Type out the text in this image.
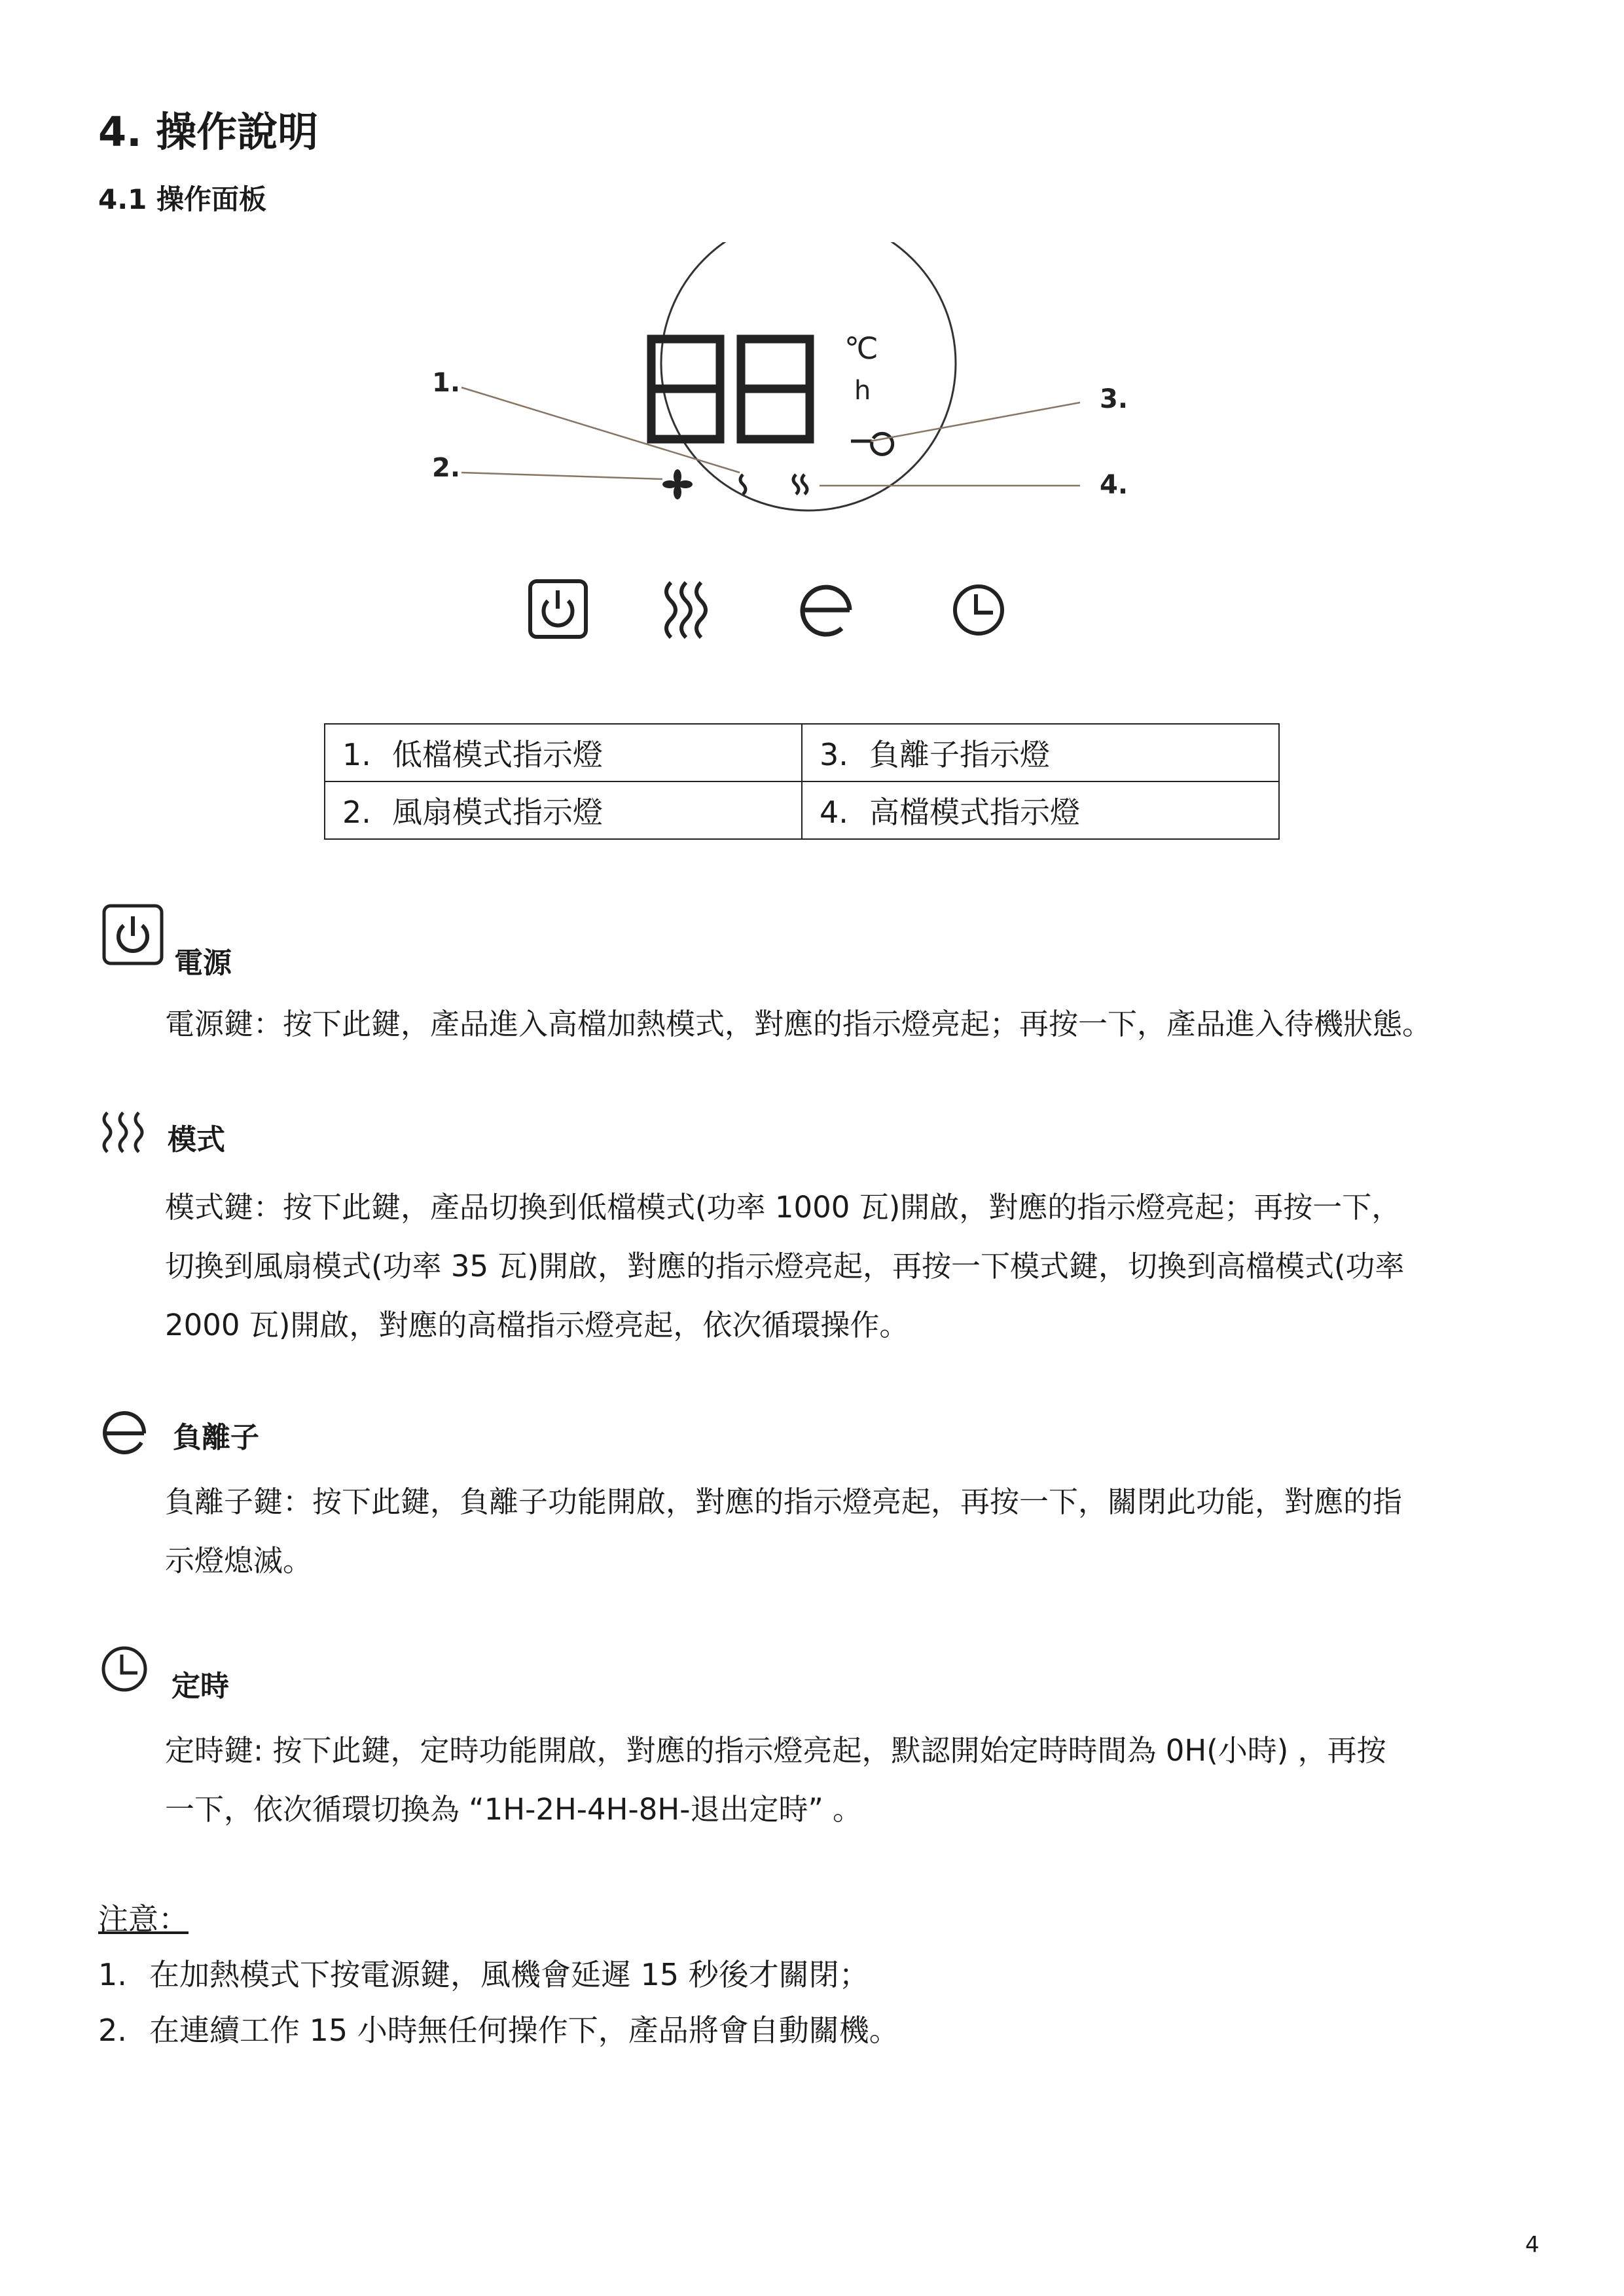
4. 操作說明
4.1 操作面板
℃
h
1.
2.
3.
4.
1. 低檔模式指示燈	3. 負離子指示燈
2. 風扇模式指示燈	4. 高檔模式指示燈
電源
電源鍵：按下此鍵，產品進入高檔加熱模式，對應的指示燈亮起；再按一下，產品進入待機狀態。
模式
模式鍵：按下此鍵，產品切換到低檔模式(功率 1000 瓦)開啟，對應的指示燈亮起；再按一下，
切換到風扇模式(功率 35 瓦)開啟，對應的指示燈亮起，再按一下模式鍵，切換到高檔模式(功率
2000 瓦)開啟，對應的高檔指示燈亮起，依次循環操作。
負離子
負離子鍵：按下此鍵，負離子功能開啟，對應的指示燈亮起，再按一下，關閉此功能，對應的指
示燈熄滅。
定時
定時鍵: 按下此鍵，定時功能開啟，對應的指示燈亮起，默認開始定時時間為 0H(小時) ，再按
一下，依次循環切換為 “1H-2H-4H-8H-退出定時” 。
注意：
1. 在加熱模式下按電源鍵，風機會延遲 15 秒後才關閉；
2. 在連續工作 15 小時無任何操作下，產品將會自動關機。
4
